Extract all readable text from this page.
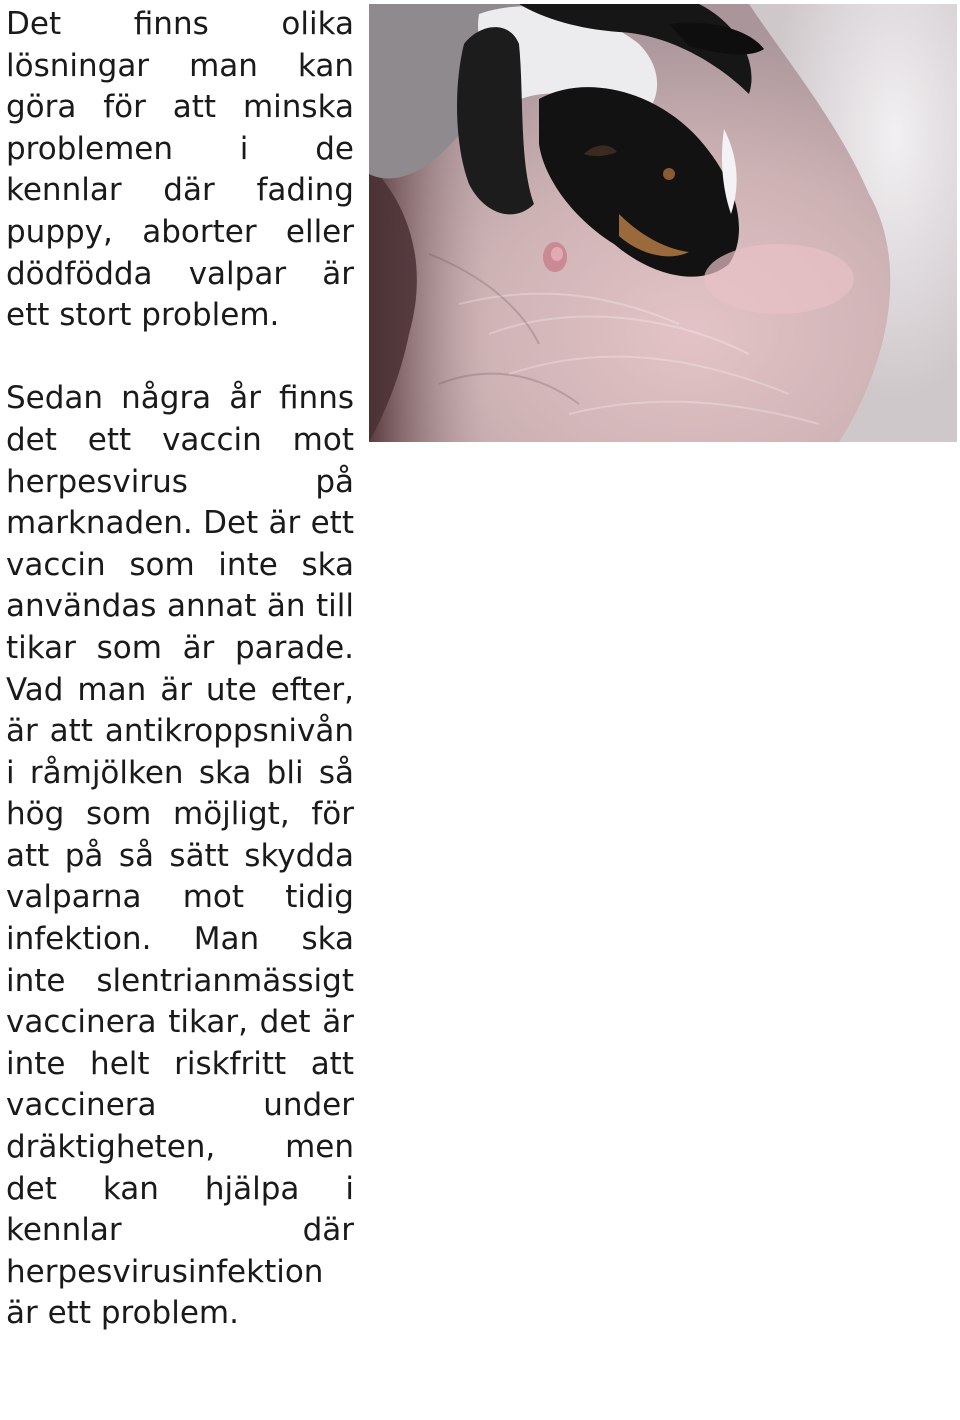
Det finns olika lösningar man kan göra för att minska problemen i de kennlar där fading puppy, aborter eller dödfödda valpar är ett stort problem.

Sedan några år finns det ett vaccin mot herpesvirus på marknaden. Det är ett vaccin som inte ska användas annat än till tikar som är parade. Vad man är ute efter, är att antikroppsnivån i råmjölken ska bli så hög som möjligt, för att på så sätt skydda valparna mot tidig infektion. Man ska inte slentrianmässigt vaccinera tikar, det är inte helt riskfritt att vaccinera under dräktigheten, men det kan hjälpa i kennlar där herpesvirusinfektion är ett problem.
